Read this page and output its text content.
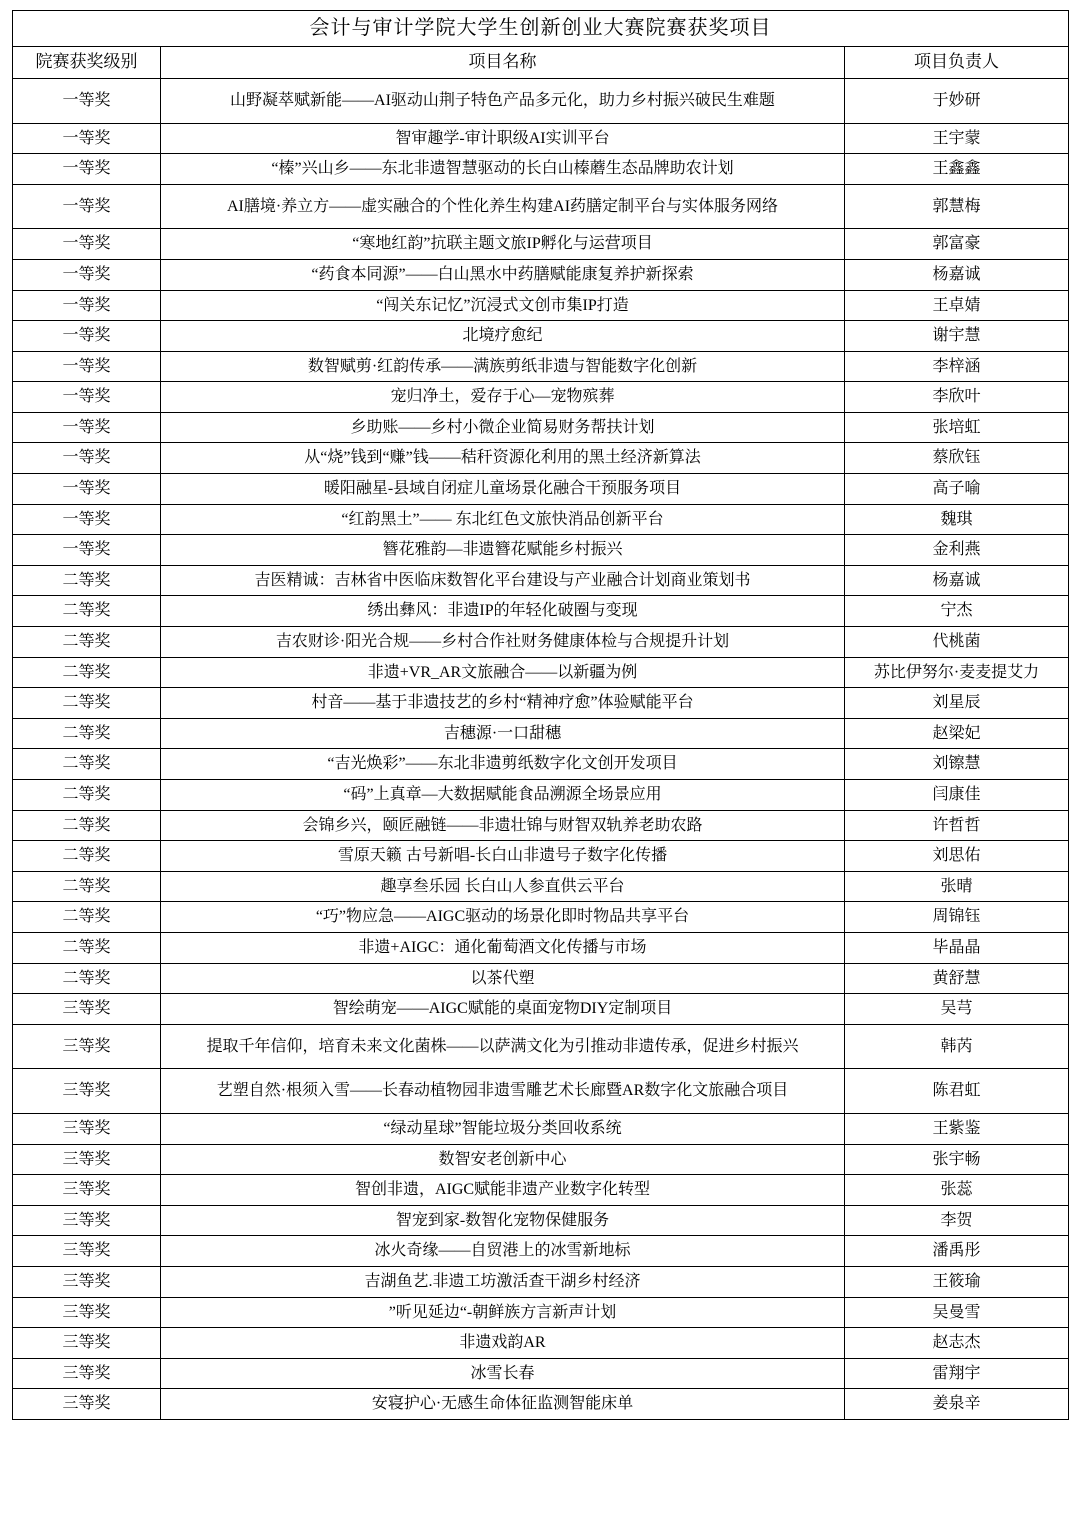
会计与审计学院大学生创新创业大赛院赛获奖项目		
院赛获奖级别	项目名称	项目负责人
一等奖	山野凝萃赋新能——AI驱动山荆子特色产品多元化，助力乡村振兴破民生难题	于妙研
一等奖	智审趣学-审计职级AI实训平台	王宇蒙
一等奖	“榛”兴山乡——东北非遗智慧驱动的长白山榛蘑生态品牌助农计划	王鑫鑫
一等奖	AI膳境·养立方——虚实融合的个性化养生构建AI药膳定制平台与实体服务网络	郭慧梅
一等奖	“寒地红韵”抗联主题文旅IP孵化与运营项目	郭富豪
一等奖	“药食本同源”——白山黑水中药膳赋能康复养护新探索	杨嘉诚
一等奖	“闯关东记忆”沉浸式文创市集IP打造	王卓婧
一等奖	北境疗愈纪	谢宇慧
一等奖	数智赋剪·红韵传承——满族剪纸非遗与智能数字化创新	李梓涵
一等奖	宠归净土，爱存于心—宠物殡葬	李欣叶
一等奖	乡助账——乡村小微企业简易财务帮扶计划	张培虹
一等奖	从“烧”钱到“赚”钱——秸秆资源化利用的黑土经济新算法	蔡欣钰
一等奖	暖阳融星-县域自闭症儿童场景化融合干预服务项目	高子喻
一等奖	“红韵黑土”—— 东北红色文旅快消品创新平台	魏琪
一等奖	簪花雅韵—非遗簪花赋能乡村振兴	金利燕
二等奖	吉医精诚：吉林省中医临床数智化平台建设与产业融合计划商业策划书	杨嘉诚
二等奖	绣出彝风：非遗IP的年轻化破圈与变现	宁杰
二等奖	吉农财诊·阳光合规——乡村合作社财务健康体检与合规提升计划	代桃菌
二等奖	非遗+VR_AR文旅融合——以新疆为例	苏比伊努尔·麦麦提艾力
二等奖	村音——基于非遗技艺的乡村“精神疗愈”体验赋能平台	刘星辰
二等奖	吉穗源·一口甜穗	赵梁妃
二等奖	“吉光焕彩”——东北非遗剪纸数字化文创开发项目	刘镲慧
二等奖	“码”上真章—大数据赋能食品溯源全场景应用	闫康佳
二等奖	会锦乡兴，颐匠融链——非遗壮锦与财智双轨养老助农路	许哲哲
二等奖	雪原天籁 古号新唱-长白山非遗号子数字化传播	刘思佑
二等奖	趣享叁乐园 长白山人参直供云平台	张晴
二等奖	“巧”物应急——AIGC驱动的场景化即时物品共享平台	周锦钰
二等奖	非遗+AIGC：通化葡萄酒文化传播与市场	毕晶晶
二等奖	以茶代塑	黄舒慧
三等奖	智绘萌宠——AIGC赋能的桌面宠物DIY定制项目	吴芎
三等奖	提取千年信仰，培育未来文化菌株——以萨满文化为引推动非遗传承，促进乡村振兴	韩芮
三等奖	艺塑自然·根须入雪——长春动植物园非遗雪雕艺术长廊暨AR数字化文旅融合项目	陈君虹
三等奖	“绿动星球”智能垃圾分类回收系统	王紫鉴
三等奖	数智安老创新中心	张宇畅
三等奖	智创非遗，AIGC赋能非遗产业数字化转型	张蕊
三等奖	智宠到家-数智化宠物保健服务	李贺
三等奖	冰火奇缘——自贸港上的冰雪新地标	潘禹彤
三等奖	吉湖鱼艺.非遗工坊激活查干湖乡村经济	王筱瑜
三等奖	”听见延边“-朝鲜族方言新声计划	吴曼雪
三等奖	非遗戏韵AR	赵志杰
三等奖	冰雪长春	雷翔宇
三等奖	安寝护心·无感生命体征监测智能床单	姜泉辛
